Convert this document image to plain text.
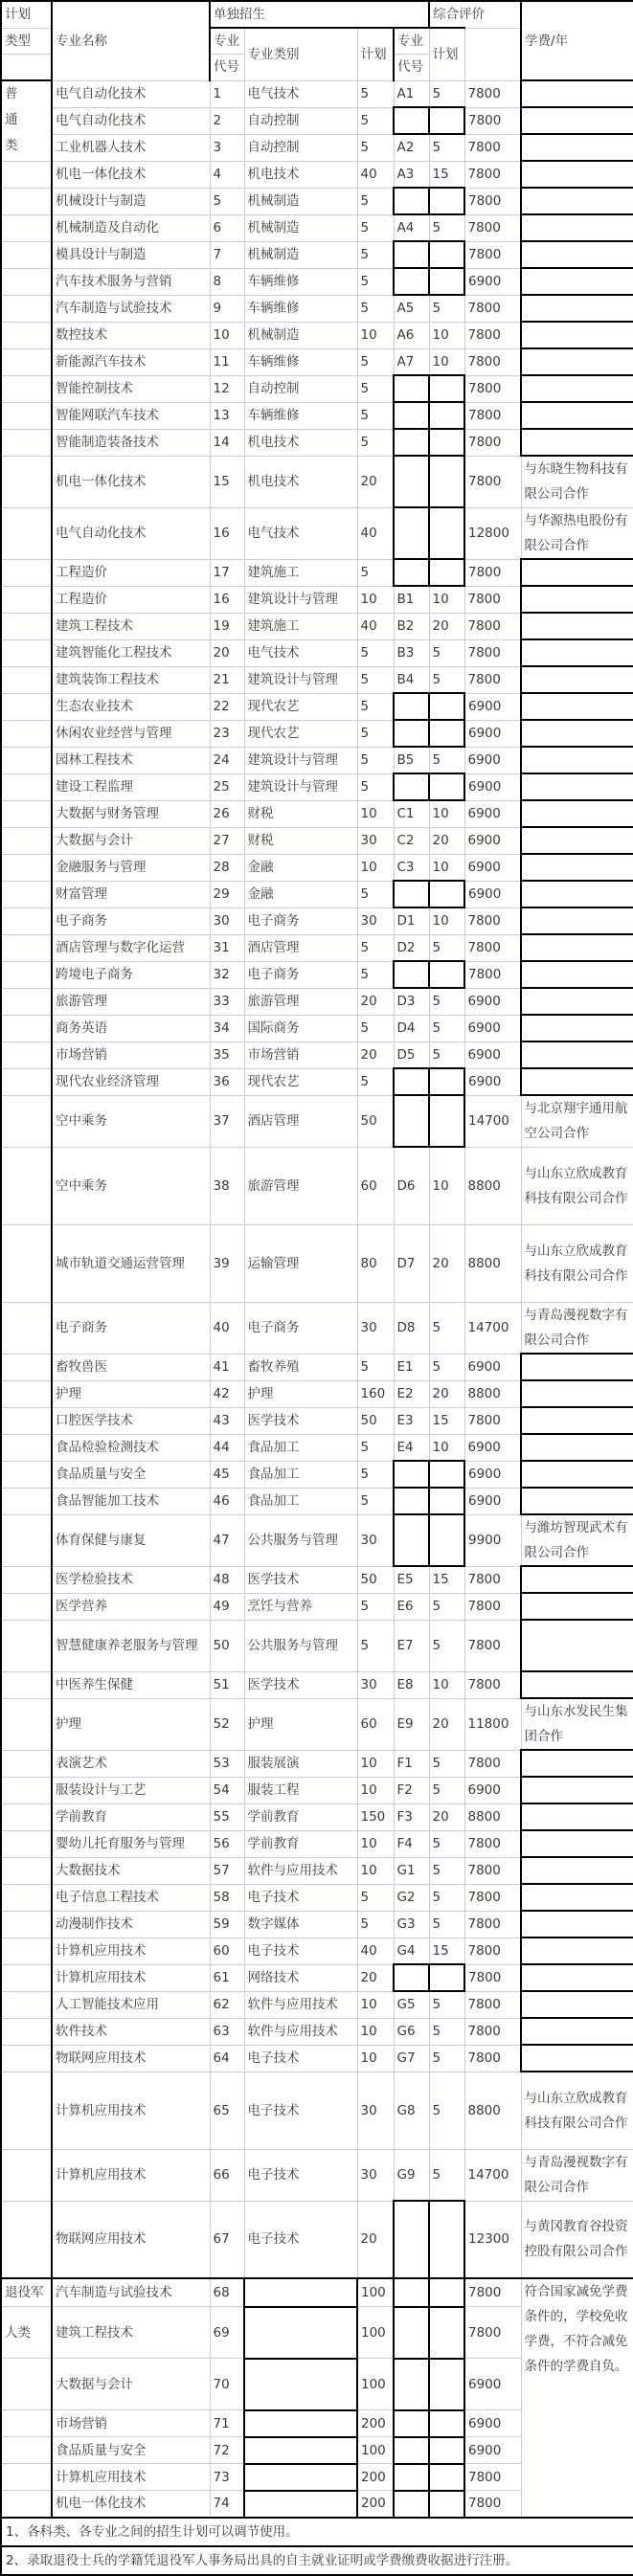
计划	专业名称	单独招生				综合评价		学费/年	
类型		专业	专业类别	计划	专业	计划			
		代号			代号				

普
通
类	电气自动化技术	1	电气技术	5	A1	5	7800		
	电气自动化技术	2	自动控制	5			7800		
	工业机器人技术	3	自动控制	5	A2	5	7800		
	机电一体化技术	4	机电技术	40	A3	15	7800		
	机械设计与制造	5	机械制造	5			7800		
	机械制造及自动化	6	机械制造	5	A4	5	7800		
	模具设计与制造	7	机械制造	5			7800		
	汽车技术服务与营销	8	车辆维修	5			6900		
	汽车制造与试验技术	9	车辆维修	5	A5	5	7800		
	数控技术	10	机械制造	10	A6	10	7800		
	新能源汽车技术	11	车辆维修	5	A7	10	7800		
	智能控制技术	12	自动控制	5			7800		
	智能网联汽车技术	13	车辆维修	5			7800		
	智能制造装备技术	14	机电技术	5			7800		
	机电一体化技术	15	机电技术	20			7800	与东晓生物科技有限公司合作	
	电气自动化技术	16	电气技术	40			12800	与华源热电股份有限公司合作	
	工程造价	17	建筑施工	5			7800		
	工程造价	16	建筑设计与管理	10	B1	10	7800		
	建筑工程技术	19	建筑施工	40	B2	20	7800		
	建筑智能化工程技术	20	电气技术	5	B3	5	7800		
	建筑装饰工程技术	21	建筑设计与管理	5	B4	5	7800		
	生态农业技术	22	现代农艺	5			6900		
	休闲农业经营与管理	23	现代农艺	5			6900		
	园林工程技术	24	建筑设计与管理	5	B5	5	6900		
	建设工程监理	25	建筑设计与管理	5			6900		
	大数据与财务管理	26	财税	10	C1	10	6900		
	大数据与会计	27	财税	30	C2	20	6900		
	金融服务与管理	28	金融	10	C3	10	6900		
	财富管理	29	金融	5			6900		
	电子商务	30	电子商务	30	D1	10	7800		
	酒店管理与数字化运营	31	酒店管理	5	D2	5	7800		
	跨境电子商务	32	电子商务	5			7800		
	旅游管理	33	旅游管理	20	D3	5	6900		
	商务英语	34	国际商务	5	D4	5	6900		
	市场营销	35	市场营销	20	D5	5	6900		
	现代农业经济管理	36	现代农艺	5			6900		
	空中乘务	37	酒店管理	50			14700	与北京翔宇通用航空公司合作	
	空中乘务	38	旅游管理	60	D6	10	8800	与山东立欣成教育科技有限公司合作	
	城市轨道交通运营管理	39	运输管理	80	D7	20	8800	与山东立欣成教育科技有限公司合作	
	电子商务	40	电子商务	30	D8	5	14700	与青岛漫视数字有限公司合作	
	畜牧兽医	41	畜牧养殖	5	E1	5	6900		
	护理	42	护理	160	E2	20	8800		
	口腔医学技术	43	医学技术	50	E3	15	7800		
	食品检验检测技术	44	食品加工	5	E4	10	6900		
	食品质量与安全	45	食品加工	5			6900		
	食品智能加工技术	46	食品加工	5			6900		
	体育保健与康复	47	公共服务与管理	30			9900	与潍坊智现武术有限公司合作	
	医学检验技术	48	医学技术	50	E5	15	7800		
	医学营养	49	烹饪与营养	5	E6	5	7800		
	智慧健康养老服务与管理	50	公共服务与管理	5	E7	5	7800		
	中医养生保健	51	医学技术	30	E8	10	7800		
	护理	52	护理	60	E9	20	11800	与山东水发民生集团合作	
	表演艺术	53	服装展演	10	F1	5	7800		
	服装设计与工艺	54	服装工程	10	F2	5	6900		
	学前教育	55	学前教育	150	F3	20	8800		
	婴幼儿托育服务与管理	56	学前教育	10	F4	5	7800		
	大数据技术	57	软件与应用技术	10	G1	5	7800		
	电子信息工程技术	58	电子技术	5	G2	5	7800		
	动漫制作技术	59	数字媒体	5	G3	5	7800		
	计算机应用技术	60	电子技术	40	G4	15	7800		
	计算机应用技术	61	网络技术	20			7800		
	人工智能技术应用	62	软件与应用技术	10	G5	5	7800		
	软件技术	63	软件与应用技术	10	G6	5	7800		
	物联网应用技术	64	电子技术	10	G7	5	7800		
	计算机应用技术	65	电子技术	30	G8	5	8800	与山东立欣成教育科技有限公司合作	
	计算机应用技术	66	电子技术	30	G9	5	14700	与青岛漫视数字有限公司合作	
	物联网应用技术	67	电子技术	20			12300	与黄冈教育谷投资控股有限公司合作	

退役军	汽车制造与试验技术	68		100			7800	符合国家减免学费条件的，学校免收学费，不符合减免条件的学费自负。	
人类	建筑工程技术	69		100			7800		
	大数据与会计	70		100			6900		
	市场营销	71		200			6900		
	食品质量与安全	72		100			6900		
	计算机应用技术	73		200			7800		
	机电一体化技术	74		200			7800		
1、各科类、各专业之间的招生计划可以调节使用。									
2、录取退役士兵的学籍凭退役军人事务局出具的自主就业证明或学费缴费收据进行注册。									
